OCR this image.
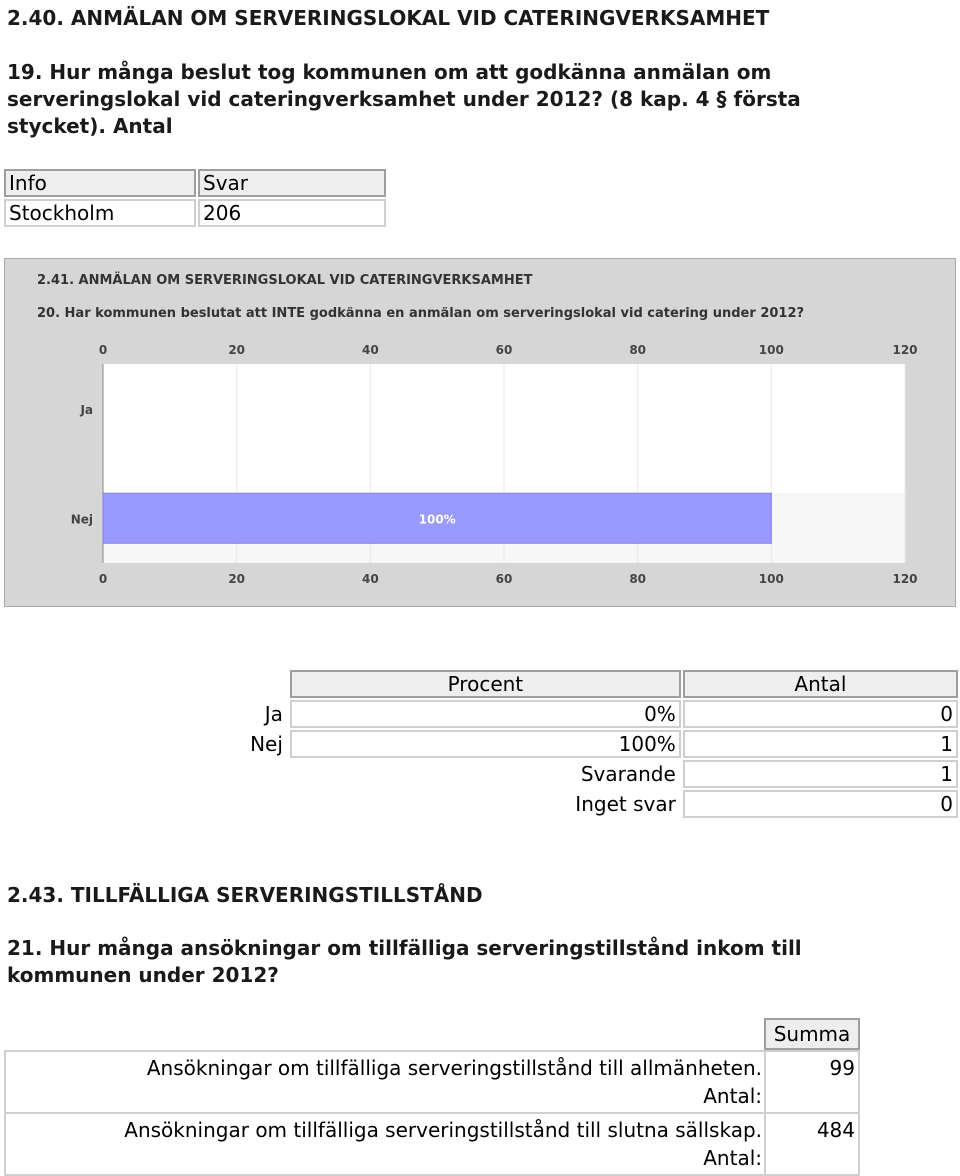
2.40. ANMÄLAN OM SERVERINGSLOKAL VID CATERINGVERKSAMHET
19. Hur många beslut tog kommunen om att godkänna anmälan om
serveringslokal vid cateringverksamhet under 2012? (8 kap. 4 § första
stycket). Antal
Info	Svar
Stockholm	206
2.41. ANMÄLAN OM SERVERINGSLOKAL VID CATERINGVERKSAMHET
20. Har kommunen beslutat att INTE godkänna en anmälan om serveringslokal vid catering under 2012?
0
0
20
20
40
40
60
60
80
80
100
100
120
120
Ja
Nej	100%
	Procent	Antal
Ja	0%	0
Nej	100%	1
	Svarande	1
	Inget svar	0
2.43. TILLFÄLLIGA SERVERINGSTILLSTÅND
21. Hur många ansökningar om tillfälliga serveringstillstånd inkom till
kommunen under 2012?
	Summa

Ansökningar om tillfälliga serveringstillstånd till allmänheten.
Antal:	99

Ansökningar om tillfälliga serveringstillstånd till slutna sällskap.
Antal:	484
